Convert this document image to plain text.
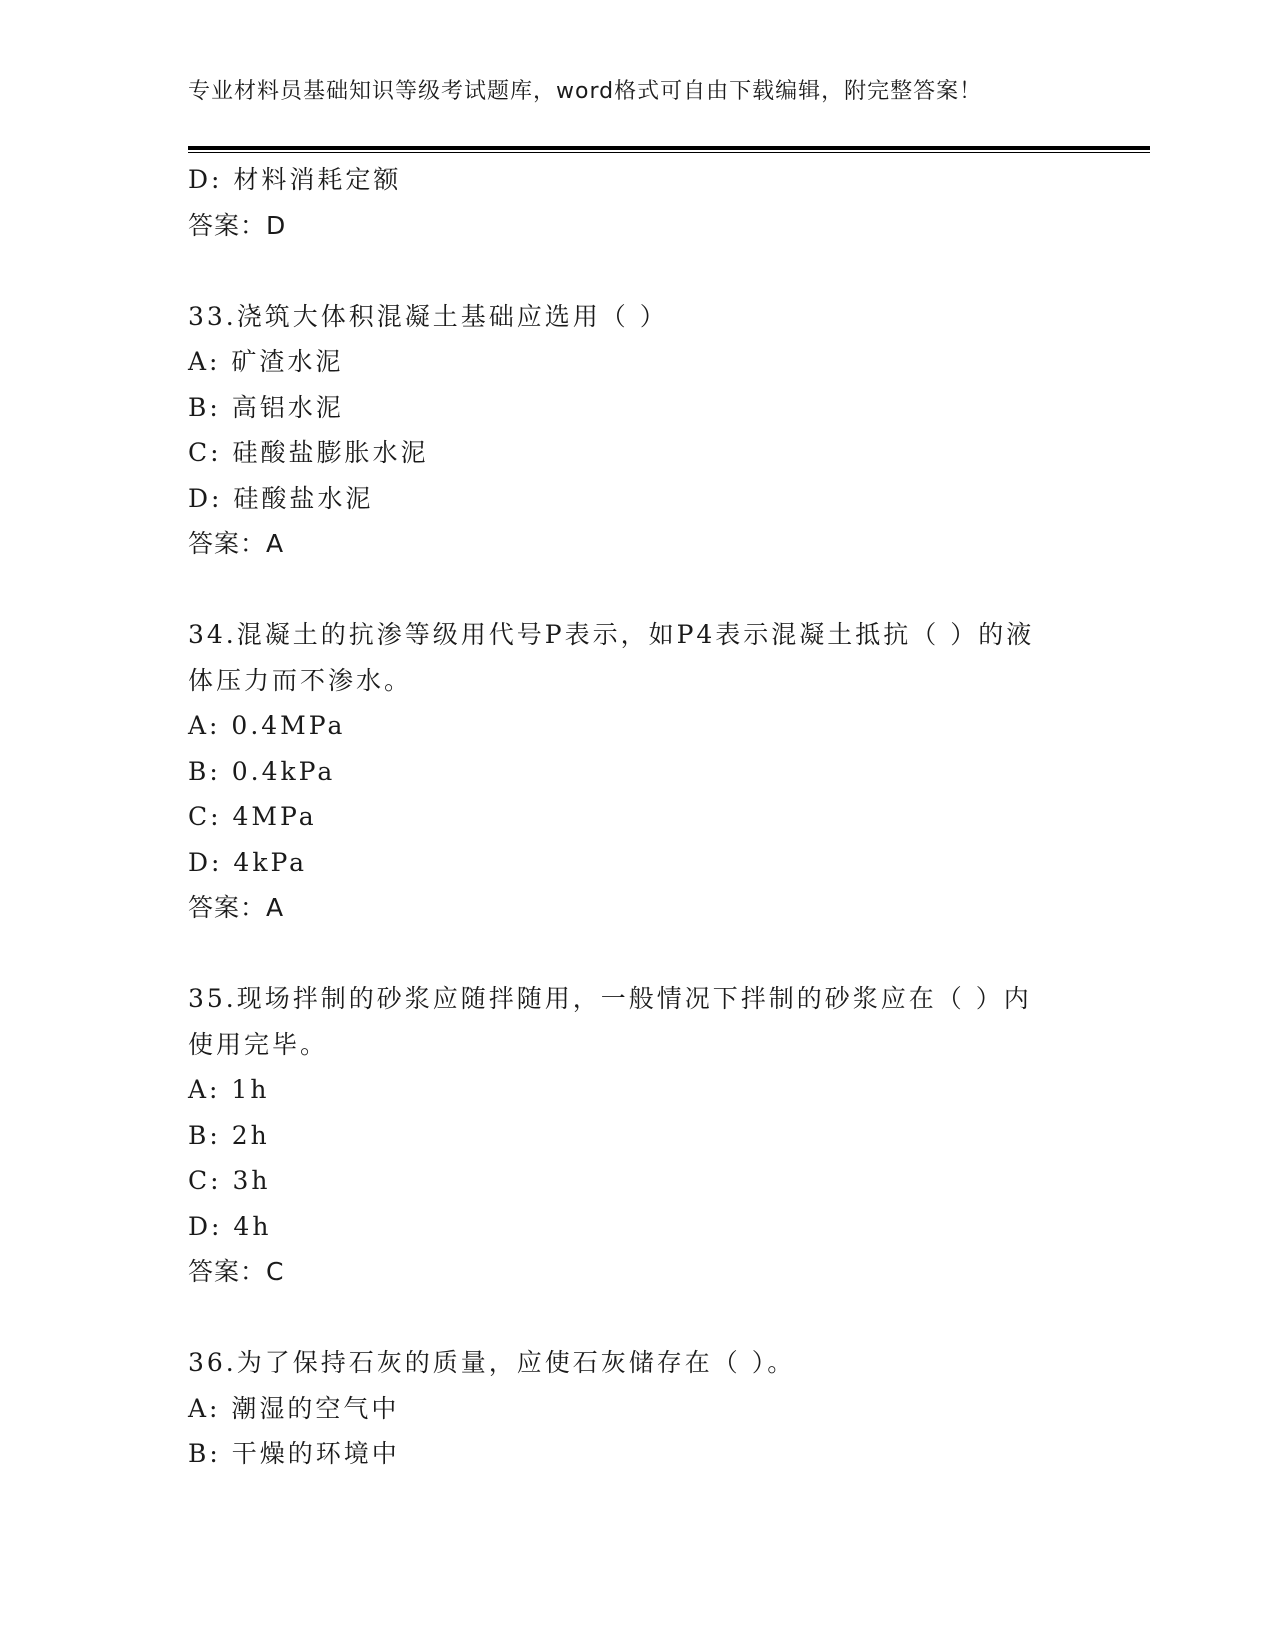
专业材料员基础知识等级考试题库，word格式可自由下载编辑，附完整答案！
D: 材料消耗定额
答案：D
33.浇筑大体积混凝土基础应选用（ ）
A: 矿渣水泥
B: 高铝水泥
C: 硅酸盐膨胀水泥
D: 硅酸盐水泥
答案：A
34.混凝土的抗渗等级用代号P表示，如P4表示混凝土抵抗（ ）的液
体压力而不渗水。
A: 0.4MPa
B: 0.4kPa
C: 4MPa
D: 4kPa
答案：A
35.现场拌制的砂浆应随拌随用，一般情况下拌制的砂浆应在（ ）内
使用完毕。
A: 1h
B: 2h
C: 3h
D: 4h
答案：C
36.为了保持石灰的质量，应使石灰储存在（ ）。
A: 潮湿的空气中
B: 干燥的环境中
